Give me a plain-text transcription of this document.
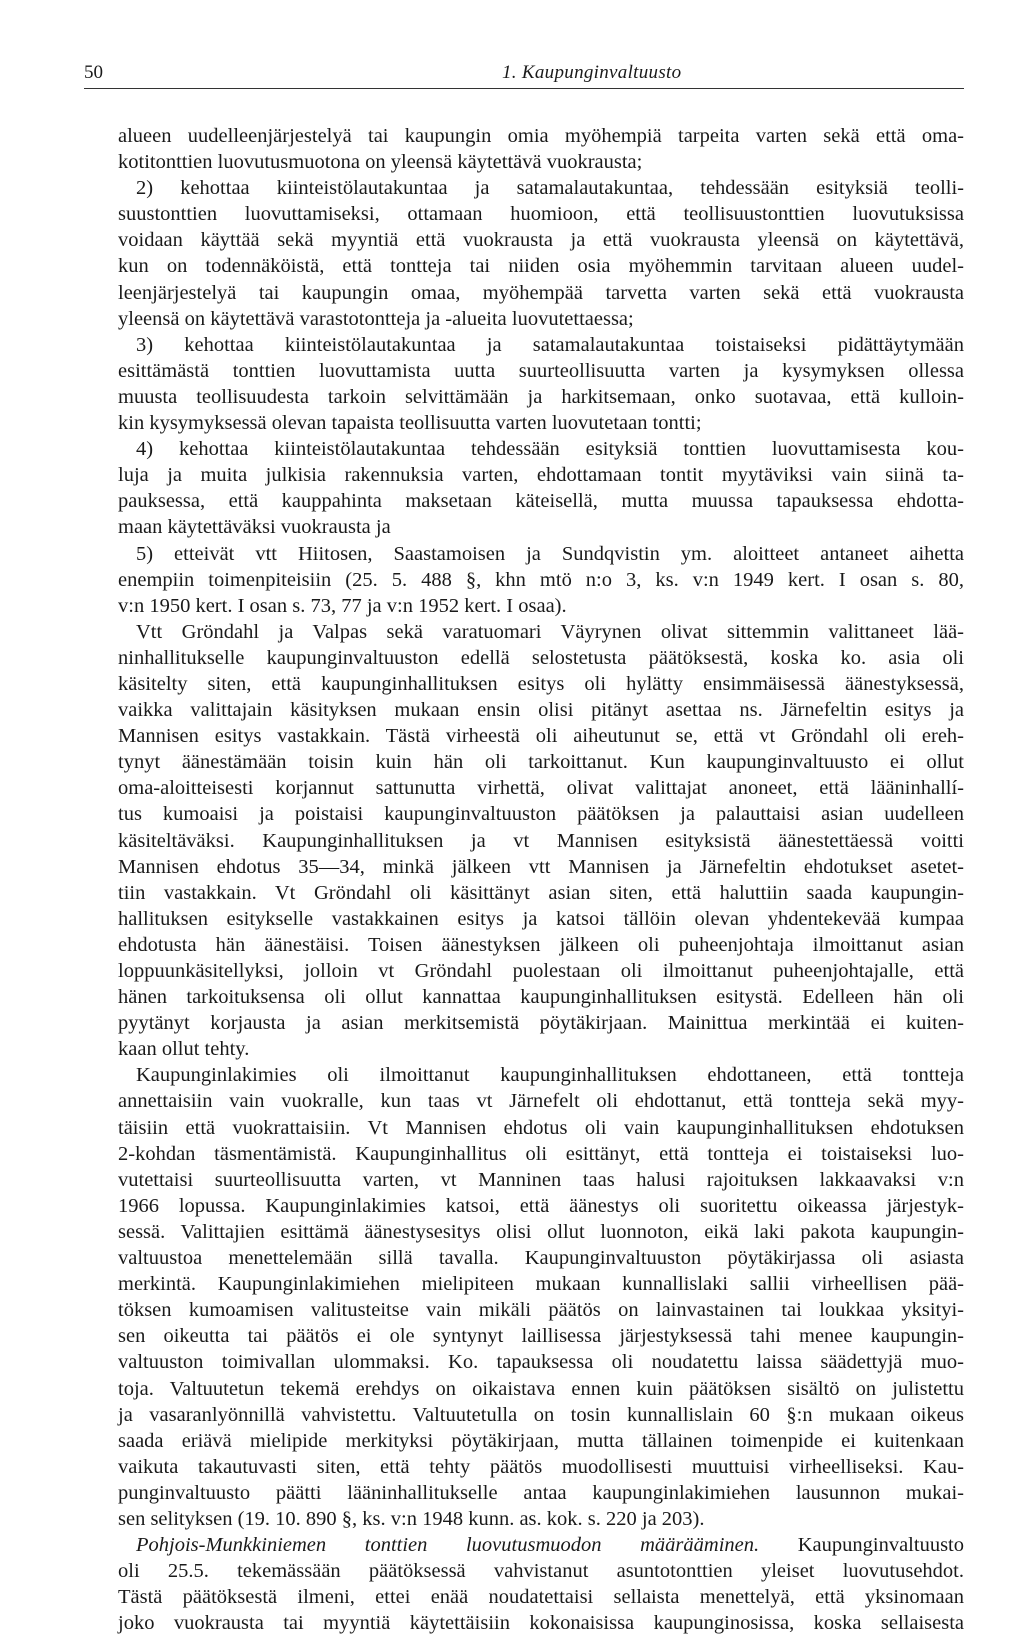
50	1. Kaupunginvaltuusto
alueen uudelleenjärjestelyä tai kaupungin omia myöhempiä tarpeita varten sekä että oma-
kotitonttien luovutusmuotona on yleensä käytettävä vuokrausta;
2) kehottaa kiinteistölautakuntaa ja satamalautakuntaa, tehdessään esityksiä teolli-
suustonttien luovuttamiseksi, ottamaan huomioon, että teollisuustonttien luovutuksissa
voidaan käyttää sekä myyntiä että vuokrausta ja että vuokrausta yleensä on käytettävä,
kun on todennäköistä, että tontteja tai niiden osia myöhemmin tarvitaan alueen uudel-
leenjärjestelyä tai kaupungin omaa, myöhempää tarvetta varten sekä että vuokrausta
yleensä on käytettävä varastotontteja ja -alueita luovutettaessa;
3) kehottaa kiinteistölautakuntaa ja satamalautakuntaa toistaiseksi pidättäytymään
esittämästä tonttien luovuttamista uutta suurteollisuutta varten ja kysymyksen ollessa
muusta teollisuudesta tarkoin selvittämään ja harkitsemaan, onko suotavaa, että kulloin-
kin kysymyksessä olevan tapaista teollisuutta varten luovutetaan tontti;
4) kehottaa kiinteistölautakuntaa tehdessään esityksiä tonttien luovuttamisesta kou-
luja ja muita julkisia rakennuksia varten, ehdottamaan tontit myytäviksi vain siinä ta-
pauksessa, että kauppahinta maksetaan käteisellä, mutta muussa tapauksessa ehdotta-
maan käytettäväksi vuokrausta ja
5) etteivät vtt Hiitosen, Saastamoisen ja Sundqvistin ym. aloitteet antaneet aihetta
enempiin toimenpiteisiin (25. 5. 488 §, khn mtö n:o 3, ks. v:n 1949 kert. I osan s. 80,
v:n 1950 kert. I osan s. 73, 77 ja v:n 1952 kert. I osaa).
Vtt Gröndahl ja Valpas sekä varatuomari Väyrynen olivat sittemmin valittaneet lää-
ninhallitukselle kaupunginvaltuuston edellä selostetusta päätöksestä, koska ko. asia oli
käsitelty siten, että kaupunginhallituksen esitys oli hylätty ensimmäisessä äänestyksessä,
vaikka valittajain käsityksen mukaan ensin olisi pitänyt asettaa ns. Järnefeltin esitys ja
Mannisen esitys vastakkain. Tästä virheestä oli aiheutunut se, että vt Gröndahl oli ereh-
tynyt äänestämään toisin kuin hän oli tarkoittanut. Kun kaupunginvaltuusto ei ollut
oma-aloitteisesti korjannut sattunutta virhettä, olivat valittajat anoneet, että lääninhallí-
tus kumoaisi ja poistaisi kaupunginvaltuuston päätöksen ja palauttaisi asian uudelleen
käsiteltäväksi. Kaupunginhallituksen ja vt Mannisen esityksistä äänestettäessä voitti
Mannisen ehdotus 35—34, minkä jälkeen vtt Mannisen ja Järnefeltin ehdotukset asetet-
tiin vastakkain. Vt Gröndahl oli käsittänyt asian siten, että haluttiin saada kaupungin-
hallituksen esitykselle vastakkainen esitys ja katsoi tällöin olevan yhdentekevää kumpaa
ehdotusta hän äänestäisi. Toisen äänestyksen jälkeen oli puheenjohtaja ilmoittanut asian
loppuunkäsitellyksi, jolloin vt Gröndahl puolestaan oli ilmoittanut puheenjohtajalle, että
hänen tarkoituksensa oli ollut kannattaa kaupunginhallituksen esitystä. Edelleen hän oli
pyytänyt korjausta ja asian merkitsemistä pöytäkirjaan. Mainittua merkintää ei kuiten-
kaan ollut tehty.
Kaupunginlakimies oli ilmoittanut kaupunginhallituksen ehdottaneen, että tontteja
annettaisiin vain vuokralle, kun taas vt Järnefelt oli ehdottanut, että tontteja sekä myy-
täisiin että vuokrattaisiin. Vt Mannisen ehdotus oli vain kaupunginhallituksen ehdotuksen
2-kohdan täsmentämistä. Kaupunginhallitus oli esittänyt, että tontteja ei toistaiseksi luo-
vutettaisi suurteollisuutta varten, vt Manninen taas halusi rajoituksen lakkaavaksi v:n
1966 lopussa. Kaupunginlakimies katsoi, että äänestys oli suoritettu oikeassa järjestyk-
sessä. Valittajien esittämä äänestysesitys olisi ollut luonnoton, eikä laki pakota kaupungin-
valtuustoa menettelemään sillä tavalla. Kaupunginvaltuuston pöytäkirjassa oli asiasta
merkintä. Kaupunginlakimiehen mielipiteen mukaan kunnallislaki sallii virheellisen pää-
töksen kumoamisen valitusteitse vain mikäli päätös on lainvastainen tai loukkaa yksityi-
sen oikeutta tai päätös ei ole syntynyt laillisessa järjestyksessä tahi menee kaupungin-
valtuuston toimivallan ulommaksi. Ko. tapauksessa oli noudatettu laissa säädettyjä muo-
toja. Valtuutetun tekemä erehdys on oikaistava ennen kuin päätöksen sisältö on julistettu
ja vasaranlyönnillä vahvistettu. Valtuutetulla on tosin kunnallislain 60 §:n mukaan oikeus
saada eriävä mielipide merkityksi pöytäkirjaan, mutta tällainen toimenpide ei kuitenkaan
vaikuta takautuvasti siten, että tehty päätös muodollisesti muuttuisi virheelliseksi. Kau-
punginvaltuusto päätti lääninhallitukselle antaa kaupunginlakimiehen lausunnon mukai-
sen selityksen (19. 10. 890 §, ks. v:n 1948 kunn. as. kok. s. 220 ja 203).
Pohjois-Munkkiniemen tonttien luovutusmuodon määrääminen. Kaupunginvaltuusto
oli 25.5. tekemässään päätöksessä vahvistanut asuntotonttien yleiset luovutusehdot.
Tästä päätöksestä ilmeni, ettei enää noudatettaisi sellaista menettelyä, että yksinomaan
joko vuokrausta tai myyntiä käytettäisiin kokonaisissa kaupunginosissa, koska sellaisesta
